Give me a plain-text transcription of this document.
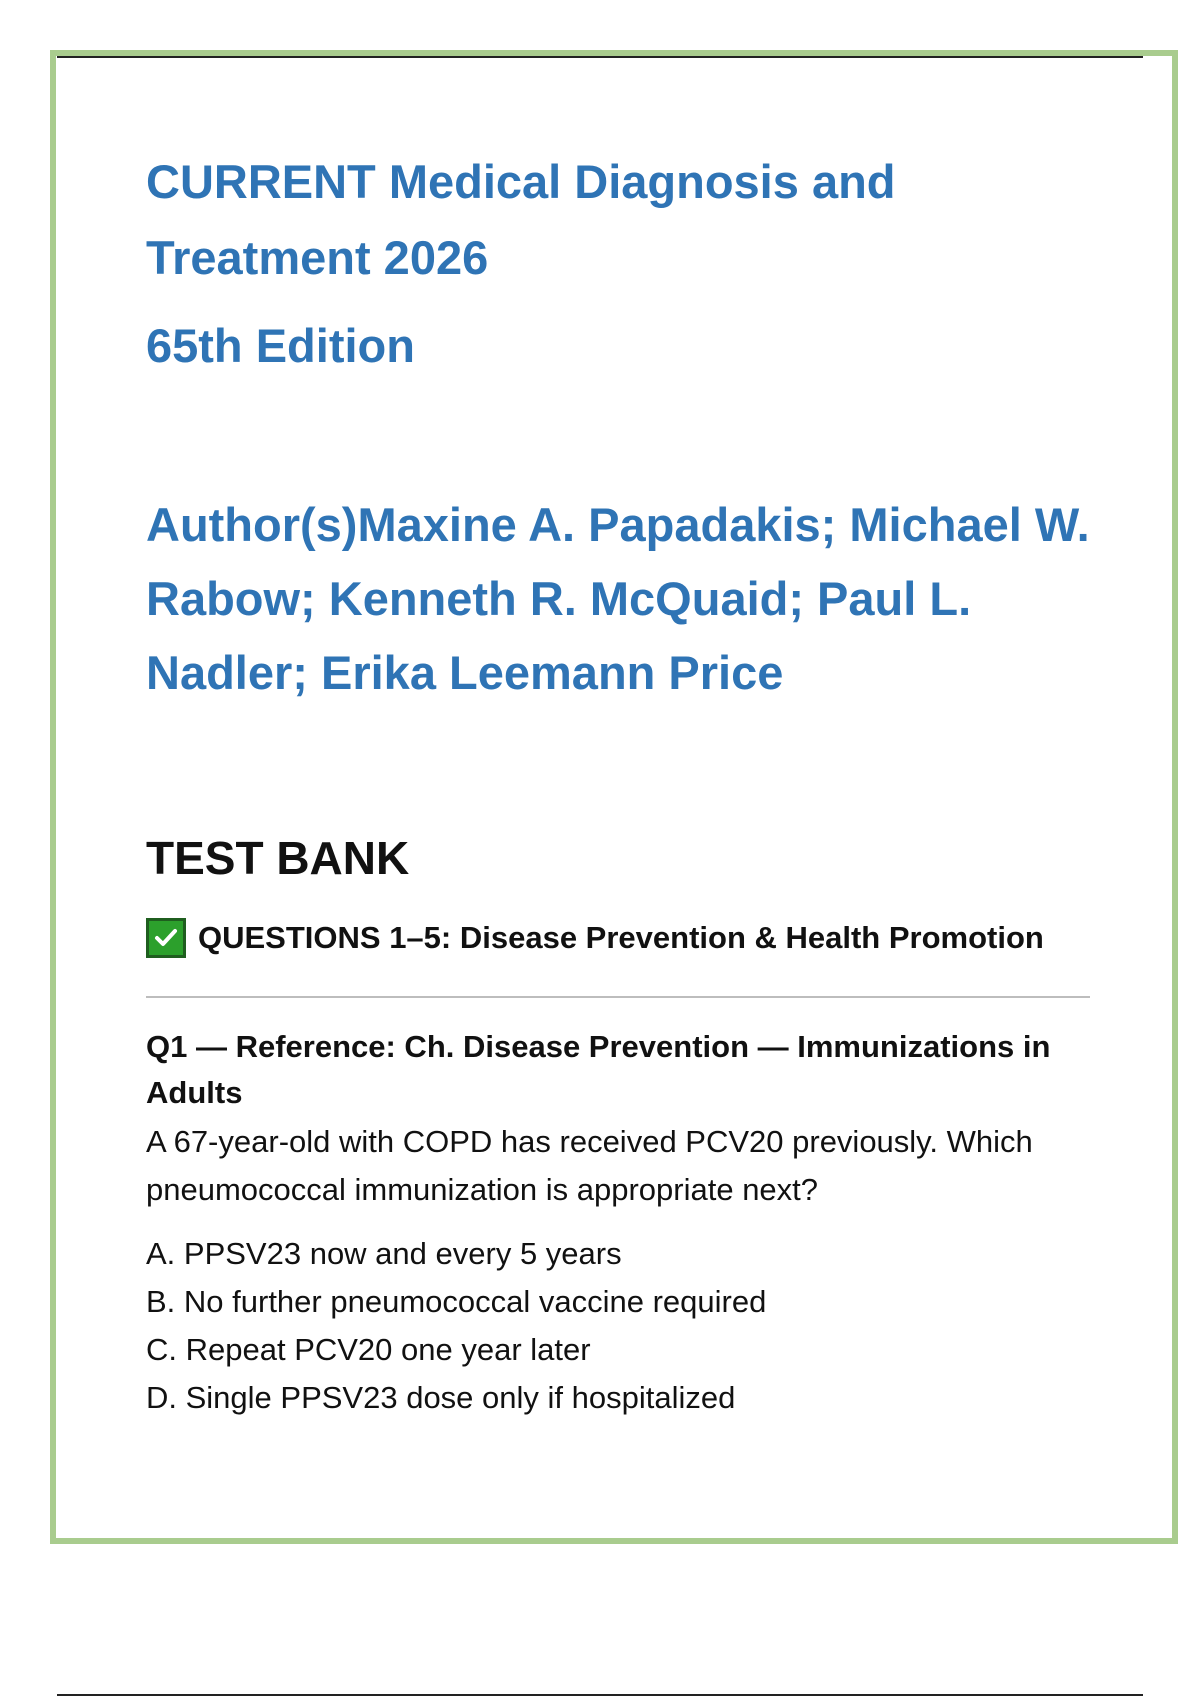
CURRENT Medical Diagnosis and
Treatment 2026

65th Edition

Author(s)Maxine A. Papadakis; Michael W. Rabow; Kenneth R. McQuaid; Paul L. Nadler; Erika Leemann Price

TEST BANK
QUESTIONS 1–5: Disease Prevention & Health Promotion

Q1 — Reference: Ch. Disease Prevention — Immunizations in Adults

A 67-year-old with COPD has received PCV20 previously. Which pneumococcal immunization is appropriate next?

A. PPSV23 now and every 5 years
B. No further pneumococcal vaccine required
C. Repeat PCV20 one year later
D. Single PPSV23 dose only if hospitalized
